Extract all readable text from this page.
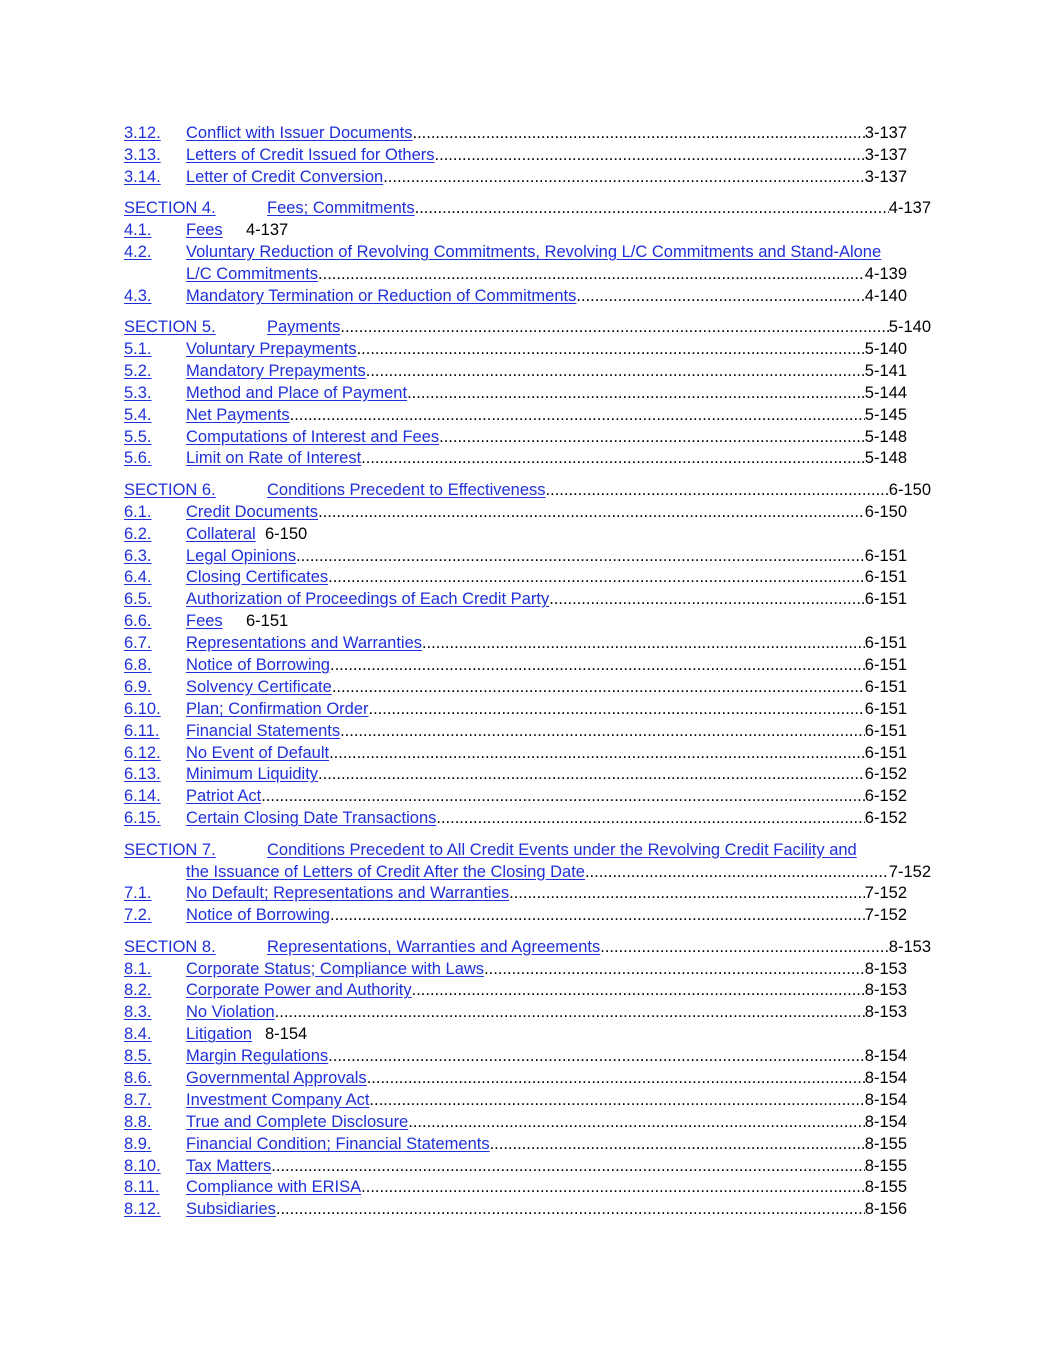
3.12. Conflict with Issuer Documents .....	3-137
3.13. Letters of Credit Issued for Others .....	3-137
3.14. Letter of Credit Conversion .....	3-137
SECTION 4.	Fees; Commitments .....	4-137
4.1. Fees 4-137
4.2. Voluntary Reduction of Revolving Commitments, Revolving L/C Commitments and Stand-Alone
L/C Commitments .....	4-139
4.3. Mandatory Termination or Reduction of Commitments .....	4-140
SECTION 5.	Payments .....	5-140
5.1. Voluntary Prepayments .....	5-140
5.2. Mandatory Prepayments .....	5-141
5.3. Method and Place of Payment .....	5-144
5.4. Net Payments .....	5-145
5.5. Computations of Interest and Fees .....	5-148
5.6. Limit on Rate of Interest .....	5-148
SECTION 6.	Conditions Precedent to Effectiveness .....	6-150
6.1. Credit Documents .....	6-150
6.2. Collateral 6-150
6.3. Legal Opinions .....	6-151
6.4. Closing Certificates .....	6-151
6.5. Authorization of Proceedings of Each Credit Party .....	6-151
6.6. Fees 6-151
6.7. Representations and Warranties .....	6-151
6.8. Notice of Borrowing .....	6-151
6.9. Solvency Certificate .....	6-151
6.10. Plan; Confirmation Order .....	6-151
6.11. Financial Statements .....	6-151
6.12. No Event of Default .....	6-151
6.13. Minimum Liquidity .....	6-152
6.14. Patriot Act .....	6-152
6.15. Certain Closing Date Transactions .....	6-152
SECTION 7.	Conditions Precedent to All Credit Events under the Revolving Credit Facility and
the Issuance of Letters of Credit After the Closing Date .....	7-152
7.1. No Default; Representations and Warranties .....	7-152
7.2. Notice of Borrowing .....	7-152
SECTION 8.	Representations, Warranties and Agreements .....	8-153
8.1. Corporate Status; Compliance with Laws .....	8-153
8.2. Corporate Power and Authority .....	8-153
8.3. No Violation .....	8-153
8.4. Litigation 8-154
8.5. Margin Regulations .....	8-154
8.6. Governmental Approvals .....	8-154
8.7. Investment Company Act .....	8-154
8.8. True and Complete Disclosure .....	8-154
8.9. Financial Condition; Financial Statements .....	8-155
8.10. Tax Matters .....	8-155
8.11. Compliance with ERISA .....	8-155
8.12. Subsidiaries .....	8-156
